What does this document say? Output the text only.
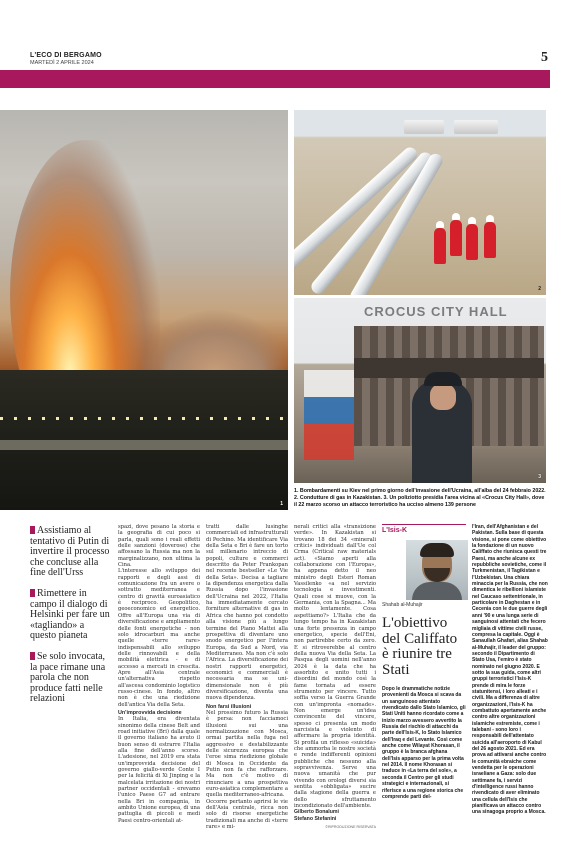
L'ECO DI BERGAMO
MARTEDÌ 2 APRILE 2024	5
1
2
CROCUS CITY HALL
3
1. Bombardamenti su Kiev nel primo giorno dell'invasione dell'Ucraina, all'alba del 24 febbraio 2022.
2. Condutture di gas in Kazakistan. 3. Un poliziotto presidia l'area vicina al «Crocus City Hall», dove
il 22 marzo scorso un attacco terroristico ha ucciso almeno 139 persone
Assistiamo al tentativo di Putin di invertire il processo che concluse alla fine dell'Urss
Rimettere in campo il dialogo di Helsinki per fare un «tagliando» a questo pianeta
Se solo invocata, la pace rimane una parola che non produce fatti nelle relazioni

spazi, dove pesano la storia e la geografia di cui poco si parla, quali sono i reali effetti delle sanzioni (doverose) che affossano la Russia ma non la marginalizzano, non ultima la Cina.

L'interesse allo sviluppo dei rapporti e degli assi di comunicazione fra un avere o sottratto mediterranea e centro di gravità euroasiatico è reciproco. Geopolitico, geoeconomico ed energetico. Offre all'Europa una via di diversificazione e ampliamento delle fonti energetiche - non solo idrocarburi ma anche quelle «terre rare» indispensabili allo sviluppo delle rinnovabili e della mobilità elettrica - e di accesso a mercati in crescita. Apre all'Asia centrale un'alternativa rispetto all'ascesa condominio logistico russo-cinese. In fondo, altro non è che una riedizione dell'antica Via della Seta.

Un'improvvida decisione

In Italia, era diventata sinonimo della cinese Belt and road initiative (Bri) dalla quale il governo italiano ha avuto il buon senso di estrarre l'Italia alla fine dell'anno scorso. L'adesione, nel 2019 era stata un'improvvida decisione del governo giallo-verde Conte I per la felicità di Xi Jinping e la malcelata irritazione dei nostri partner occidentali - erevamo l'unico Paese G7 ad entrare nella Bri in compagnia, in ambito Unione europea, di una pattuglia di piccoli e medi Paesi centro-orientali at-

tratti dalle lusinghe commerciali ed infrastrutturali di Pechino. Ma identificare Via della Seta e Bri è fare un torto sul millenario intreccio di popoli, culture e commerci descritto da Peter Frankopan nel recente bestseller «Le Vie della Seta». Decisa a tagliare la dipendenza energetica dalla Russia dopo l'invasione dell'Ucraina nel 2022, l'Italia ha immediatamente cercato forniture alternative di gas in Africa che hanno poi condotto alla visione più a lungo termine del Piano Mattei alla prospettiva di diventare uno snodo energetico per l'intera Europa, da Sud a Nord, via Mediterraneo. Ma non c'è solo l'Africa. La diversificazione dei nostri rapporti energetici, economici e commerciali è necessaria ma se uni-dimensionale non è più diversificazione, diventa una nuova dipendenza.

Non farsi illusioni

Nel prossimo futuro la Russia è persa: non facciamoci illusioni sui una normalizzazione con Mosca, ormai partita nella fuga nel aggressivo e destabilizzante delle sicurezza europea che l'eroe sima riedizione globale di Mosca in Occidente da Putin non fa che rafforzare. Ma non c'è motivo di rinunciare a una prospettiva euro-asiatica complementare a quella mediterraneo-africana.

Occorre pertanto aprirsi le vie dell'Asia centrale, ricca non solo di risorse energetiche tradizionali ma anche di «terre rare» e mi-

nerali critici alla «transizione verde». In Kazakistan si trovano 18 dei 34 «minerali critici» individuati dall'Ue col Crma (Critical raw materials act). «Siamo aperti alla collaborazione con l'Europa», ha appena detto il neo ministro degli Esteri Roman Vassilenko «a nel servizio tecnologia e investimenti. Quali cose si muove, con la Germania, con la Spagna... Ma molto lentamente. Cosa aspettiamo?» L'Italia che da lungo tempo ha in Kazakistan una forte presenza in campo energetico, specie dell'Eni, non partirebbe certo da zero. E si ritroverebbe al centro della nuova Via della Seta. La Pasqua degli uomini nell'anno 2024 è la data che ha assorbito e unito tutti i disordini del mondo così la fame tornata ad essere strumento per vincere. Tutto soffia verso la Guerra Grande con un'impronta «nomade». Non emerge un'idea convincente del vincere, spesso ci presenta un modo narcisista e violento di affermare la propria identità. Si profila un riflesso «suicida» che ammorba le nostre società e rende indifferenti opinioni pubbliche che nessuno alla sopravvivenza. Serve una nuova umanità che pur vivendo con orologi diversi sia sentita «obbligata» sucire dalla stagione della guerra e dello sfruttamento incondizionato dell'ambiente.

Gilberto Bonalumi

Stefano Stefanini

©RIPRODUZIONE RISERVATA

L'Isis-K
Shahab al-Muhajir
L'obiettivo del Califfato è riunire tre Stati
Dopo le drammatiche notizie provenienti da Mosca si scava da un sanguinoso attentato rivendicato dallo Stato Islamico, gli Stati Uniti hanno ricordato come a inizio marzo avessero avvertito la Russia del rischio di attacchi da parte dell'Isis-K, lo Stato Islamico dell'Iraq e del Levante. Così come anche come Wilayat Khorasan, il gruppo è la branca afghana dell'Isis apparso per la prima volta nel 2014. Il nome Khorasan si traduce in «La terra del sole», a seconda il Centro per gli studi strategici e internazionali, si riferisce a una regione storica che comprende parti del-
l'Iran, dell'Afghanistan e del Pakistan. Sulla base di questa visione, si pone come obiettivo la fondazione di un nuovo Califfato che riunisca questi tre Paesi, ma anche alcune ex repubbliche sovietiche, come il Turkmenistan, il Tagikistan e l'Uzbekistan. Una chiara minaccia per la Russia, che non dimentica le ribellioni islamiste nel Caucaso settentrionale, in particolare in Daghestan e in Cecenia con le due guerre degli anni '90 e una lunga serie di sanguinosi attentati che fecero migliaia di vittime civili russe, compresa la capitale. Oggi è Sanaullah Ghafari, alias Shahab al-Muhajir, il leader del gruppo: secondo il Dipartimento di Stato Usa, l'emiro è stato nominato nel giugno 2020. E sotto la sua guida, come altri gruppi terroristici l'Isis-K prende di mira le forze statunitensi, i loro alleati e i civili. Ma a differenza di altre organizzazioni, l'Isis-K ha combattuto apertamente anche contro altre organizzazioni islamiche estremiste, come i talebani - sono loro i responsabili dell'attentato suicida all'aeroporto di Kabul del 26 agosto 2021. Ed era prova ad attivarsi anche contro le comunità ebraiche come vendetta per le operazioni israeliane a Gaza: solo due settimane fa, i servizi d'intelligence russi hanno rivendicato di aver eliminato una cellula dell'Isis che pianificava un attacco contro una sinagoga proprio a Mosca.
